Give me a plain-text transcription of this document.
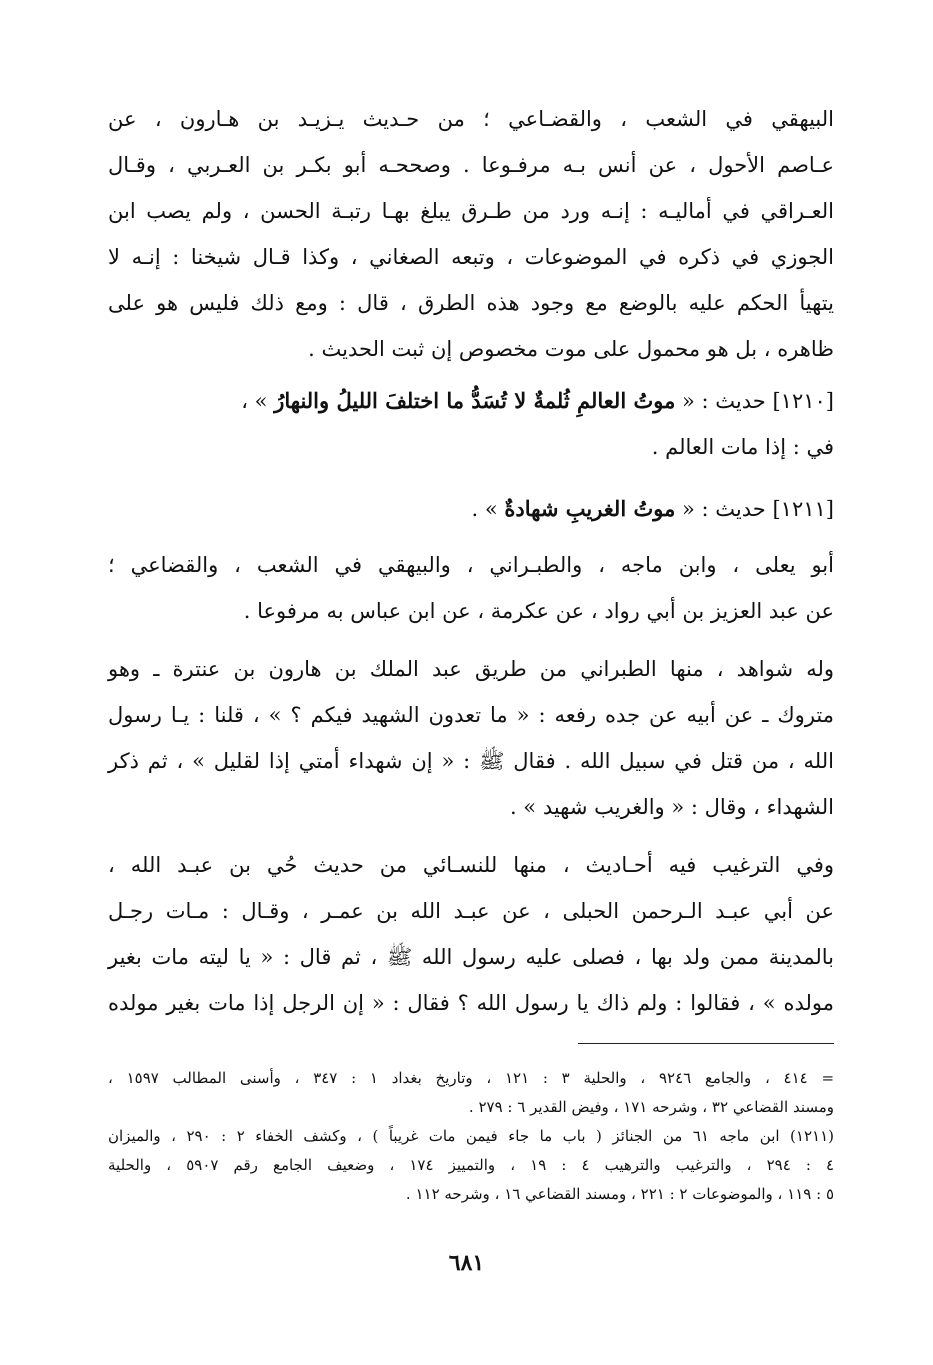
البيهقي في الشعب ، والقضـاعي ؛ من حـديث يـزيـد بن هـارون ، عن
عـاصم الأحول ، عن أنس بـه مرفـوعا . وصححـه أبو بكـر بن العـربي ، وقـال
العـراقي في أماليـه : إنـه ورد من طـرق يبلغ بهـا رتبـة الحسن ، ولم يصب ابن
الجوزي في ذكره في الموضوعات ، وتبعه الصغاني ، وكذا قـال شيخنا : إنـه لا
يتهيأ الحكم عليه بالوضع مع وجود هذه الطرق ، قال : ومع ذلك فليس هو على
ظاهره ، بل هو محمول على موت مخصوص إن ثبت الحديث .
[١٢١٠] حديث : « موتُ العالمِ ثُلمةٌ لا تُسَدُّ ما اختلفَ الليلُ والنهارُ » ،
في : إذا مات العالم .
[١٢١١] حديث : « موتُ الغريبِ شهادةٌ » .
أبو يعلى ، وابن ماجه ، والطبـراني ، والبيهقي في الشعب ، والقضاعي ؛
عن عبد العزيز بن أبي رواد ، عن عكرمة ، عن ابن عباس به مرفوعا .
وله شواهد ، منها الطبراني من طريق عبد الملك بن هارون بن عنترة ـ وهو
متروك ـ عن أبيه عن جده رفعه : « ما تعدون الشهيد فيكم ؟ » ، قلنا : يـا رسول
الله ، من قتل في سبيل الله . فقال ﷺ : « إن شهداء أمتي إذا لقليل » ، ثم ذكر
الشهداء ، وقال : « والغريب شهيد » .
وفي الترغيب فيه أحـاديث ، منها للنسـائي من حديث حُي بن عبـد الله ،
عن أبي عبـد الـرحمن الحبلى ، عن عبـد الله بن عمـر ، وقـال : مـات رجـل
بالمدينة ممن ولد بها ، فصلى عليه رسول الله ﷺ ، ثم قال : « يا ليته مات بغير
مولده » ، فقالوا : ولم ذاك يا رسول الله ؟ فقال : « إن الرجل إذا مات بغير مولده
= ٤١٤ ، والجامع ٩٢٤٦ ، والحلية ٣ : ١٢١ ، وتاريخ بغداد ١ : ٣٤٧ ، وأسنى المطالب ١٥٩٧ ،
ومسند القضاعي ٣٢ ، وشرحه ١٧١ ، وفيض القدير ٦ : ٢٧٩ .
(١٢١١) ابن ماجه ٦١ من الجنائز ( باب ما جاء فيمن مات غريباً ) ، وكشف الخفاء ٢ : ٢٩٠ ، والميزان
٤ : ٢٩٤ ، والترغيب والترهيب ٤ : ١٩ ، والتمييز ١٧٤ ، وضعيف الجامع رقم ٥٩٠٧ ، والحلية
٥ : ١١٩ ، والموضوعات ٢ : ٢٢١ ، ومسند القضاعي ١٦ ، وشرحه ١١٢ .
٦٨١
